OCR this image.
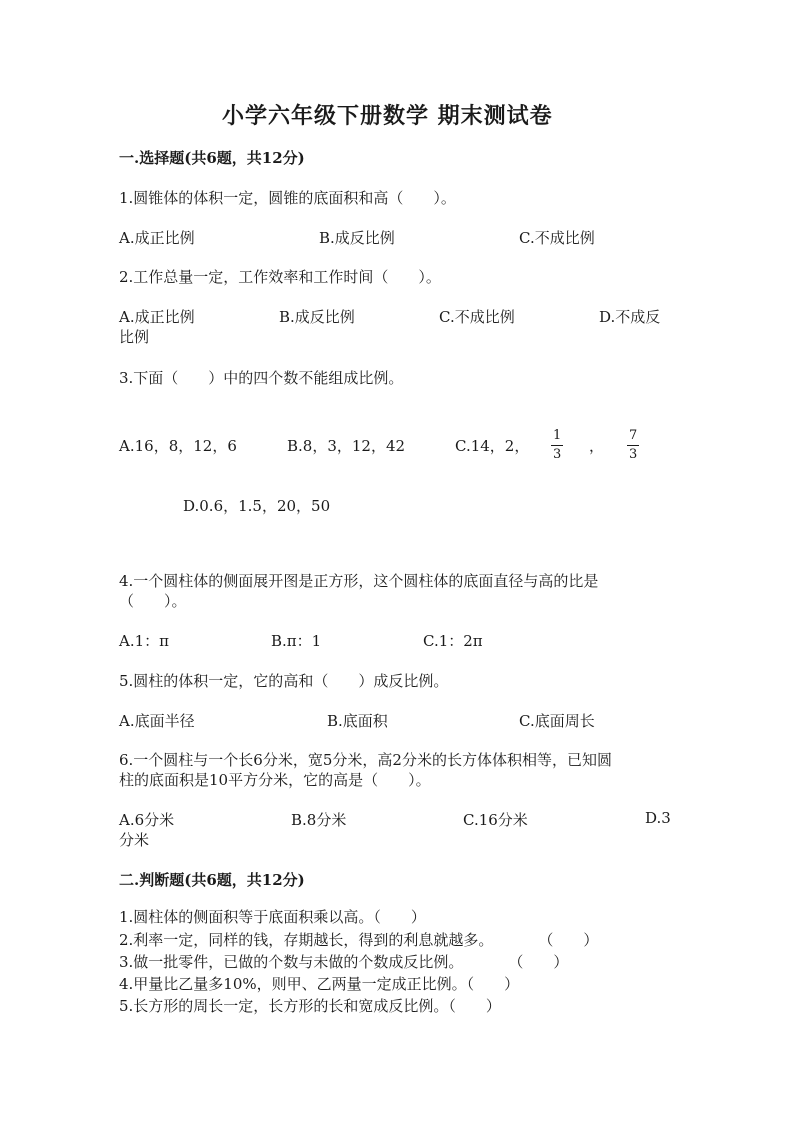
小学六年级下册数学 期末测试卷
一.选择题(共6题，共12分)
1.圆锥体的体积一定，圆锥的底面积和高（　　）。
A.成正比例	B.成反比例	C.不成比例
2.工作总量一定，工作效率和工作时间（　　）。
A.成正比例	B.成反比例	C.不成比例	D.不成反
比例
3.下面（　　）中的四个数不能组成比例。
A.16，8，12，6	B.8，3，12，42	C.14，2，
1
3 ，
7
3
D.0.6，1.5，20，50
4.一个圆柱体的侧面展开图是正方形，这个圆柱体的底面直径与高的比是
（　　）。
A.1：π	B.π：1	C.1：2π
5.圆柱的体积一定，它的高和（　　）成反比例。
A.底面半径	B.底面积	C.底面周长
6.一个圆柱与一个长6分米，宽5分米，高2分米的长方体体积相等，已知圆
柱的底面积是10平方分米，它的高是（　　）。
A.6分米	B.8分米	C.16分米	D.3
分米
二.判断题(共6题，共12分)
1.圆柱体的侧面积等于底面积乘以高。（　　）
2.利率一定，同样的钱，存期越长，得到的利息就越多。　　　　（　　）
3.做一批零件，已做的个数与未做的个数成反比例。　　　　（　　）
4.甲量比乙量多10%，则甲、乙两量一定成正比例。（　　）
5.长方形的周长一定，长方形的长和宽成反比例。（　　）
